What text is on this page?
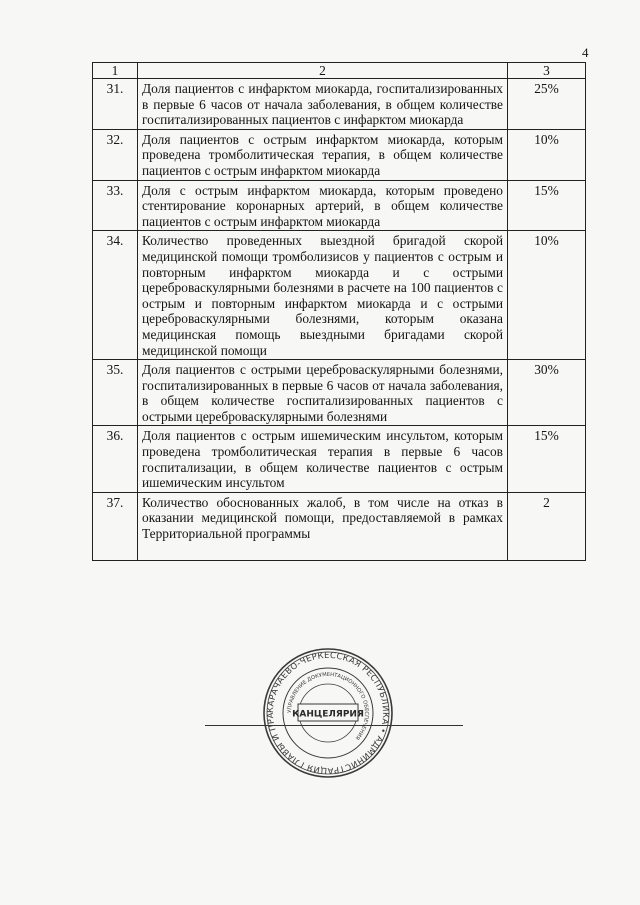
4
1	2	3
31.	Доля пациентов с инфарктом миокарда, госпитализированных в первые 6 часов от начала заболевания, в общем количестве госпитализированных пациентов с инфарктом миокарда	25%
32.	Доля пациентов с острым инфарктом миокарда, которым проведена тромболитическая терапия, в общем количестве пациентов с острым инфарктом миокарда	10%
33.	Доля с острым инфарктом миокарда, которым проведено стентирование коронарных артерий, в общем количестве пациентов с острым инфарктом миокарда	15%
34.	Количество проведенных выездной бригадой скорой медицинской помощи тромболизисов у пациентов с острым и повторным инфарктом миокарда и с острыми цереброваскулярными болезнями в расчете на 100 пациентов с острым и повторным инфарктом миокарда и с острыми цереброваскулярными болезнями, которым оказана медицинская помощь выездными бригадами скорой медицинской помощи	10%
35.	Доля пациентов с острыми цереброваскулярными болезнями, госпитализированных в первые 6 часов от начала заболевания, в общем количестве госпитализированных пациентов с острыми цереброваскулярными болезнями	30%
36.	Доля пациентов с острым ишемическим инсультом, которым проведена тромболитическая терапия в первые 6 часов госпитализации, в общем количестве пациентов с острым ишемическим инсультом	15%
37.	Количество обоснованных жалоб, в том числе на отказ в оказании медицинской помощи, предоставляемой в рамках Территориальной программы	2
КАРАЧАЕВО-ЧЕРКЕССКАЯ РЕСПУБЛИКА • АДМИНИСТРАЦИЯ ГЛАВЫ И ПРА
УПРАВЛЕНИЕ ДОКУМЕНТАЦИОННОГО ОБЕСПЕЧЕНИЯ
КАНЦЕЛЯРИЯ
